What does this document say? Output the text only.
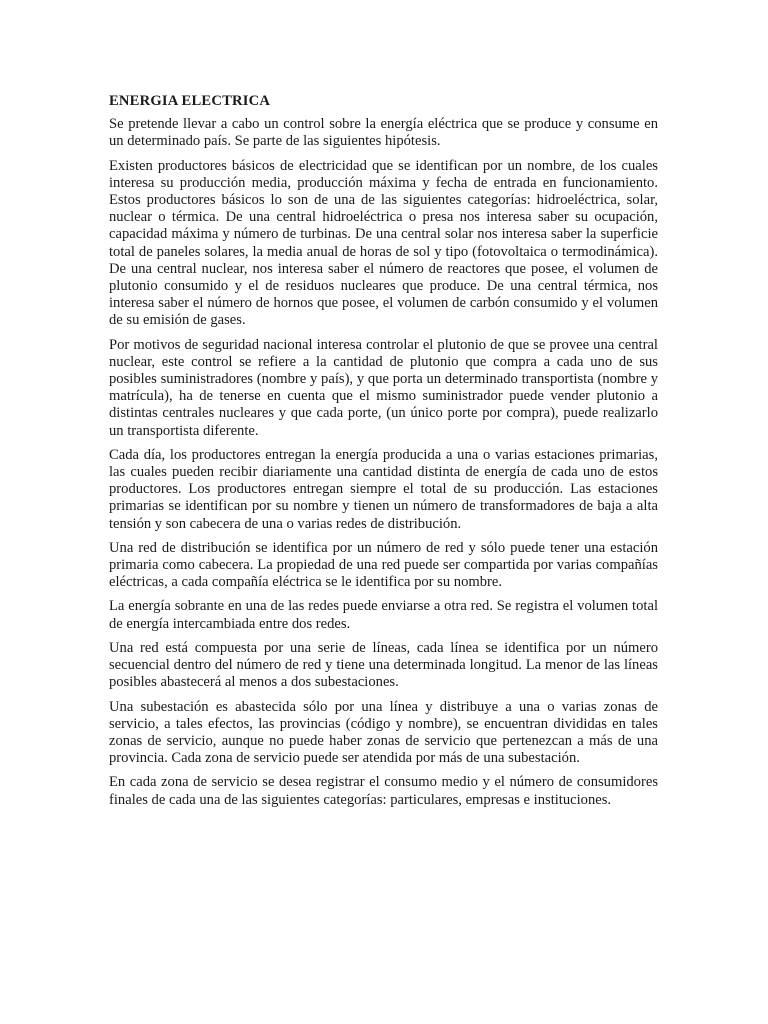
ENERGIA ELECTRICA

Se pretende llevar a cabo un control sobre la energía eléctrica que se produce y consume en un determinado país. Se parte de las siguientes hipótesis.

Existen productores básicos de electricidad que se identifican por un nombre, de los cuales interesa su producción media, producción máxima y fecha de entrada en funcionamiento. Estos productores básicos lo son de una de las siguientes categorías: hidroeléctrica, solar, nuclear o térmica. De una central hidroeléctrica o presa nos interesa saber su ocupación, capacidad máxima y número de turbinas. De una central solar nos interesa saber la superficie total de paneles solares, la media anual de horas de sol y tipo (fotovoltaica o termodinámica). De una central nuclear, nos interesa saber el número de reactores que posee, el volumen de plutonio consumido y el de residuos nucleares que produce. De una central térmica, nos interesa saber el número de hornos que posee, el volumen de carbón consumido y el volumen de su emisión de gases.

Por motivos de seguridad nacional interesa controlar el plutonio de que se provee una central nuclear, este control se refiere a la cantidad de plutonio que compra a cada uno de sus posibles suministradores (nombre y país), y que porta un determinado transportista (nombre y matrícula), ha de tenerse en cuenta que el mismo suministrador puede vender plutonio a distintas centrales nucleares y que cada porte, (un único porte por compra), puede realizarlo un transportista diferente.

Cada día, los productores entregan la energía producida a una o varias estaciones primarias, las cuales pueden recibir diariamente una cantidad distinta de energía de cada uno de estos productores. Los productores entregan siempre el total de su producción. Las estaciones primarias se identifican por su nombre y tienen un número de transformadores de baja a alta tensión y son cabecera de una o varias redes de distribución.

Una red de distribución se identifica por un número de red y sólo puede tener una estación primaria como cabecera. La propiedad de una red puede ser compartida por varias compañías eléctricas, a cada compañía eléctrica se le identifica por su nombre.

La energía sobrante en una de las redes puede enviarse a otra red. Se registra el volumen total de energía intercambiada entre dos redes.

Una red está compuesta por una serie de líneas, cada línea se identifica por un número secuencial dentro del número de red y tiene una determinada longitud. La menor de las líneas posibles abastecerá al menos a dos subestaciones.

Una subestación es abastecida sólo por una línea y distribuye a una o varias zonas de servicio, a tales efectos, las provincias (código y nombre), se encuentran divididas en tales zonas de servicio, aunque no puede haber zonas de servicio que pertenezcan a más de una provincia. Cada zona de servicio puede ser atendida por más de una subestación.

En cada zona de servicio se desea registrar el consumo medio y el número de consumidores finales de cada una de las siguientes categorías: particulares, empresas e instituciones.
